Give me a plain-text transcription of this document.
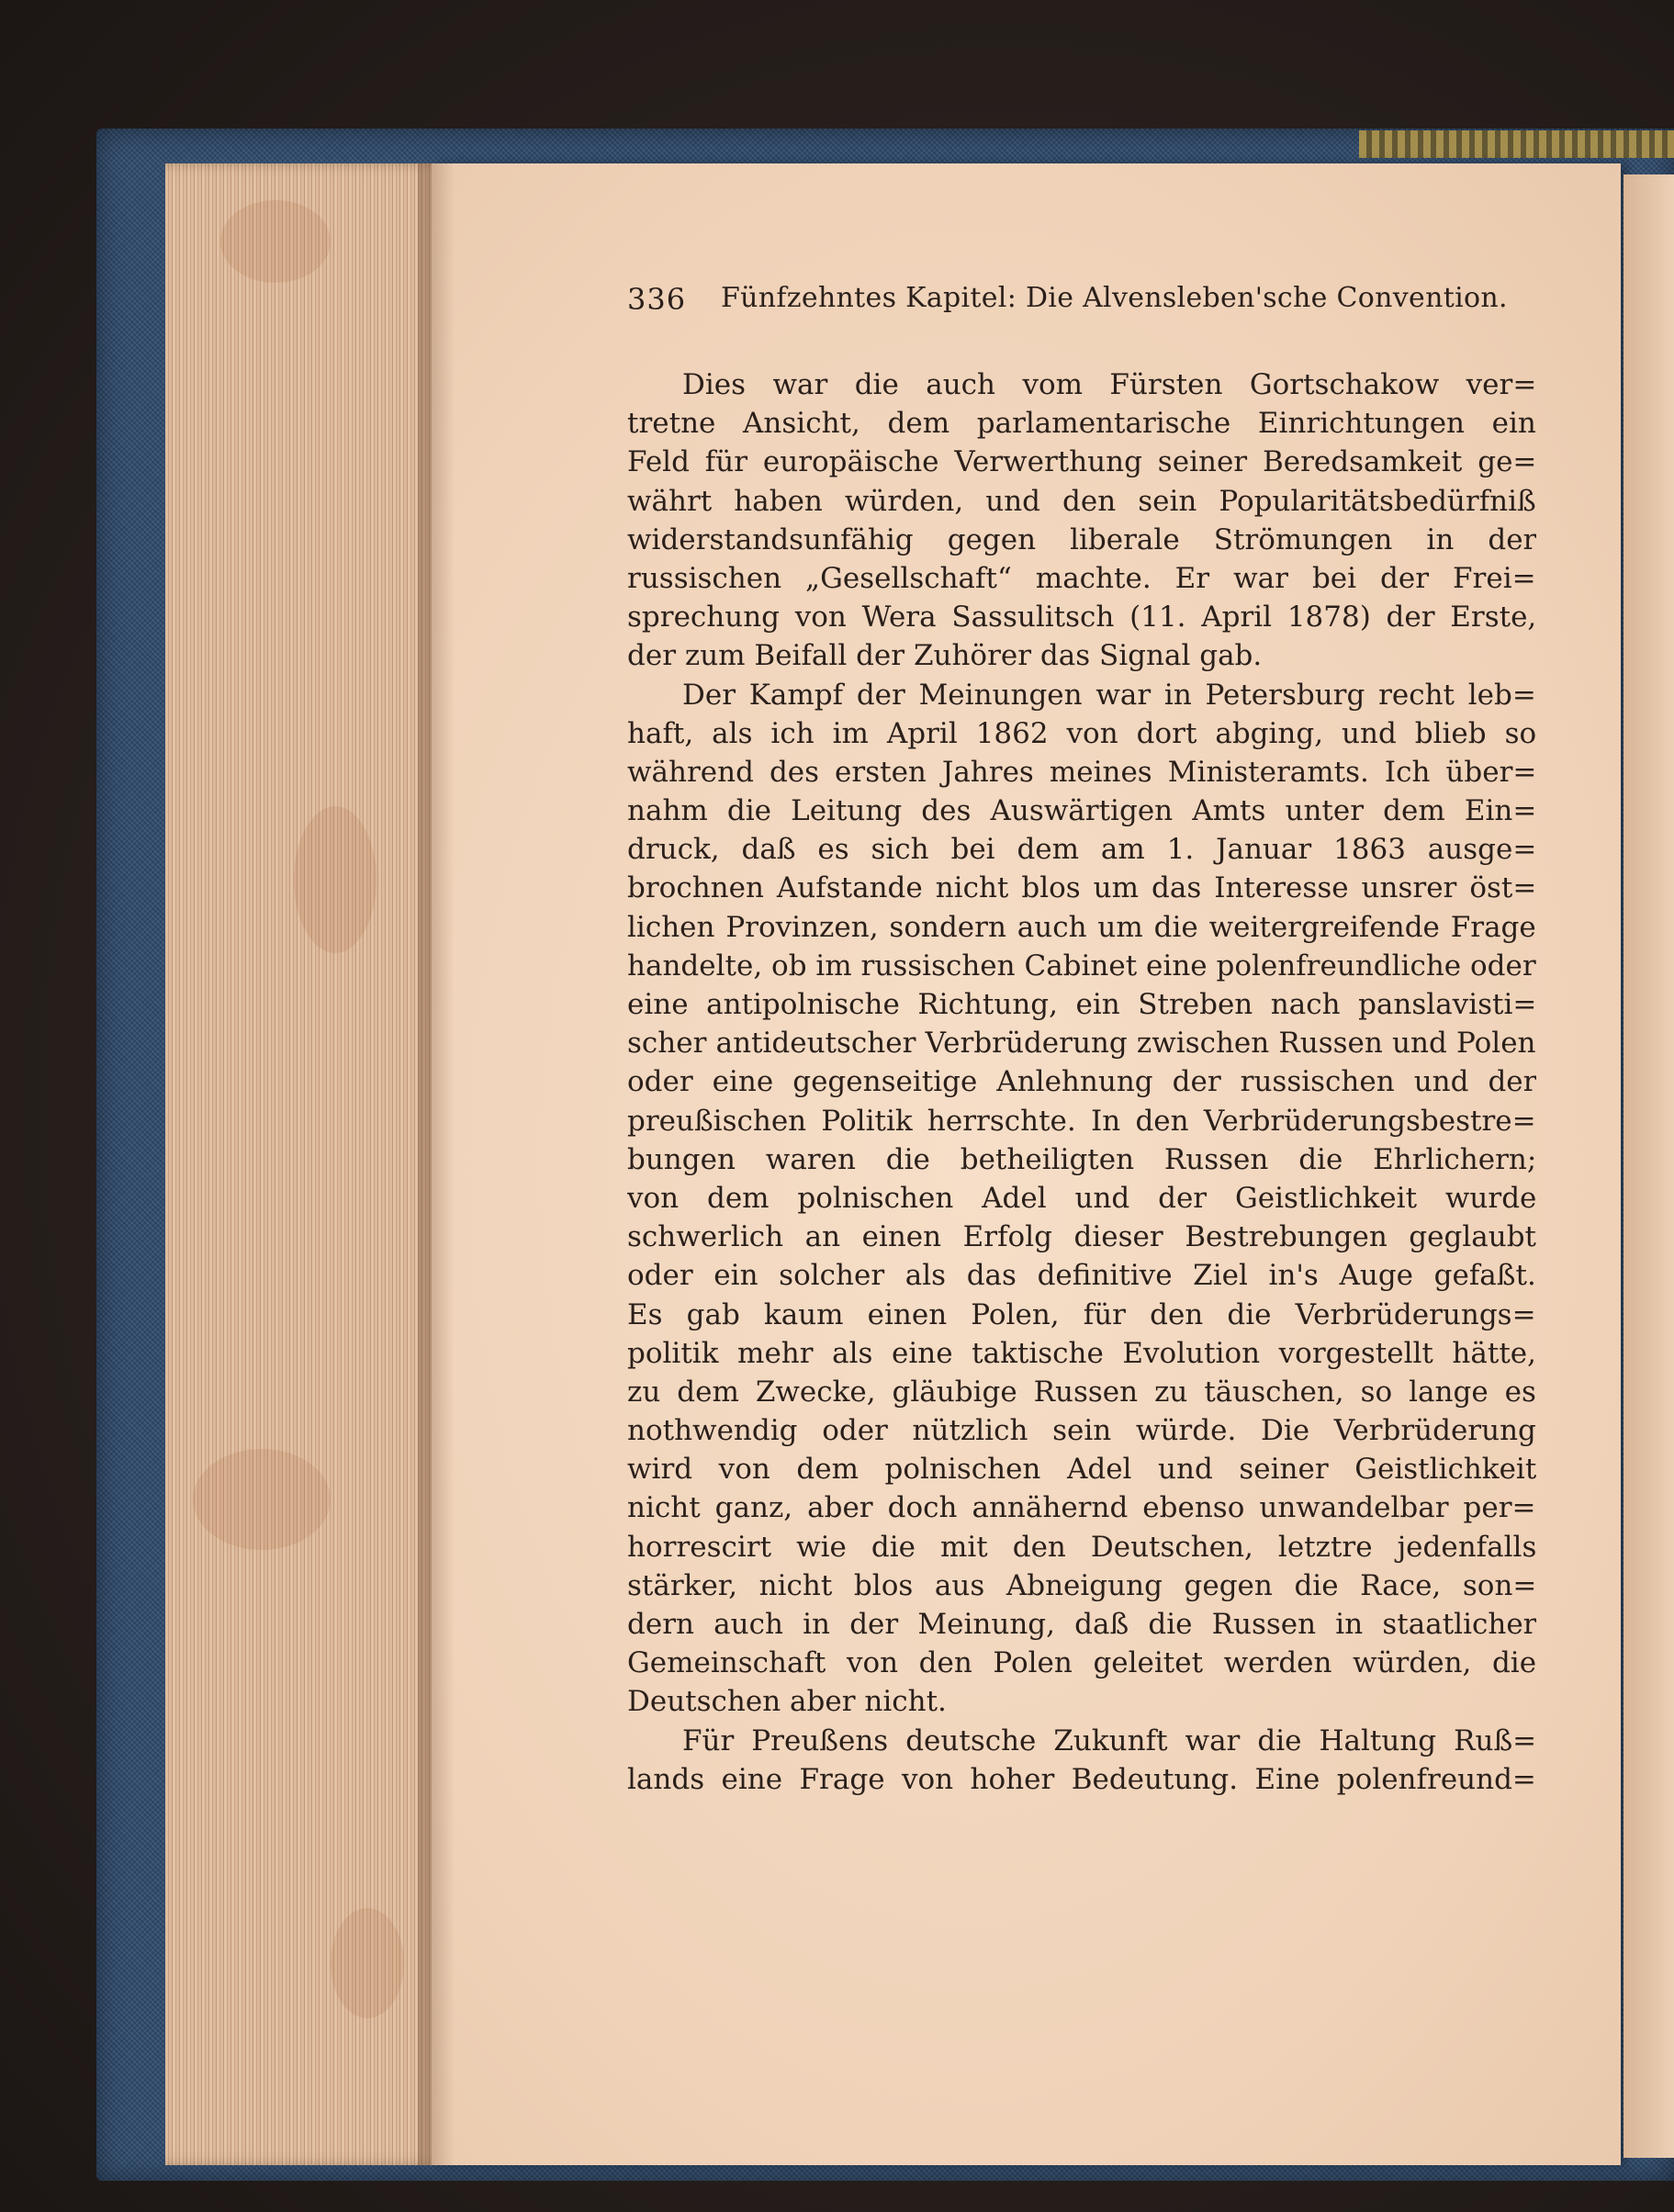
336 Fünfzehntes Kapitel: Die Alvensleben'sche Convention.
Dies war die auch vom Fürsten Gortschakow ver=
tretne Ansicht, dem parlamentarische Einrichtungen ein
Feld für europäische Verwerthung seiner Beredsamkeit ge=
währt haben würden, und den sein Popularitätsbedürfniß
widerstandsunfähig gegen liberale Strömungen in der
russischen „Gesellschaft“ machte. Er war bei der Frei=
sprechung von Wera Sassulitsch (11. April 1878) der Erste,
der zum Beifall der Zuhörer das Signal gab.
Der Kampf der Meinungen war in Petersburg recht leb=
haft, als ich im April 1862 von dort abging, und blieb so
während des ersten Jahres meines Ministeramts. Ich über=
nahm die Leitung des Auswärtigen Amts unter dem Ein=
druck, daß es sich bei dem am 1. Januar 1863 ausge=
brochnen Aufstande nicht blos um das Interesse unsrer öst=
lichen Provinzen, sondern auch um die weitergreifende Frage
handelte, ob im russischen Cabinet eine polenfreundliche oder
eine antipolnische Richtung, ein Streben nach panslavisti=
scher antideutscher Verbrüderung zwischen Russen und Polen
oder eine gegenseitige Anlehnung der russischen und der
preußischen Politik herrschte. In den Verbrüderungsbestre=
bungen waren die betheiligten Russen die Ehrlichern;
von dem polnischen Adel und der Geistlichkeit wurde
schwerlich an einen Erfolg dieser Bestrebungen geglaubt
oder ein solcher als das definitive Ziel in's Auge gefaßt.
Es gab kaum einen Polen, für den die Verbrüderungs=
politik mehr als eine taktische Evolution vorgestellt hätte,
zu dem Zwecke, gläubige Russen zu täuschen, so lange es
nothwendig oder nützlich sein würde. Die Verbrüderung
wird von dem polnischen Adel und seiner Geistlichkeit
nicht ganz, aber doch annähernd ebenso unwandelbar per=
horrescirt wie die mit den Deutschen, letztre jedenfalls
stärker, nicht blos aus Abneigung gegen die Race, son=
dern auch in der Meinung, daß die Russen in staatlicher
Gemeinschaft von den Polen geleitet werden würden, die
Deutschen aber nicht.
Für Preußens deutsche Zukunft war die Haltung Ruß=
lands eine Frage von hoher Bedeutung. Eine polenfreund=
